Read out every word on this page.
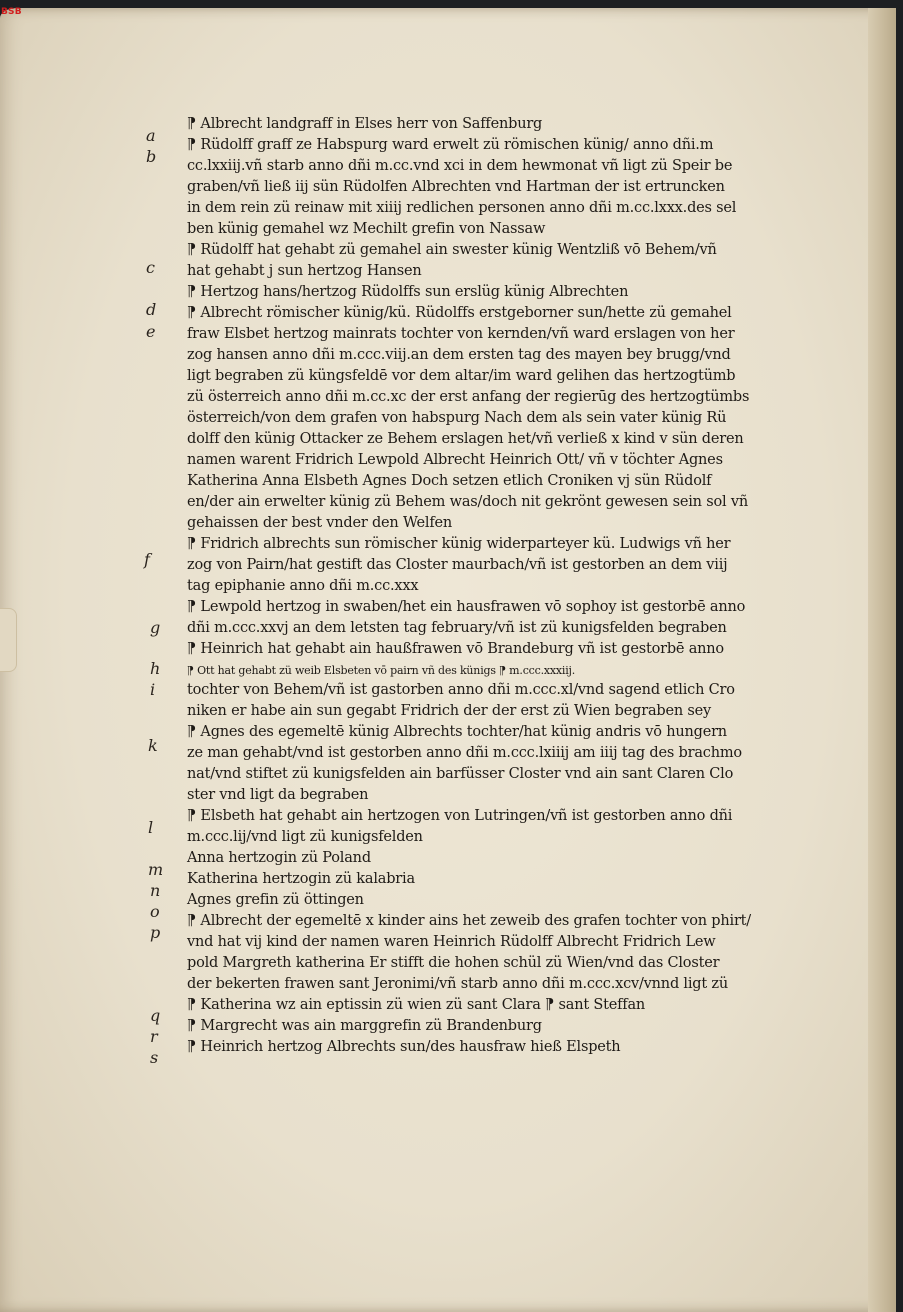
BSB
a
b
c
d
e
f
g
h
i
k
l
m
n
o
p
q
r
s
⁋ Albrecht landgraff in Elses herr von Saffenburg
⁋ Rüdolff graff ze Habspurg ward erwelt zü römischen künig/ anno dñi.m
cc.lxxiij.vñ starb anno dñi m.cc.vnd xci in dem hewmonat vñ ligt zü Speir be
graben/vñ ließ iij sün Rüdolfen Albrechten vnd Hartman der ist ertruncken
in dem rein zü reinaw mit xiiij redlichen personen anno dñi m.cc.lxxx.des sel
ben künig gemahel wz Mechilt grefin von Nassaw
⁋ Rüdolff hat gehabt zü gemahel ain swester künig Wentzliß vō Behem/vñ
hat gehabt j sun hertzog Hansen
⁋ Hertzog hans/hertzog Rüdolffs sun erslüg künig Albrechten
⁋ Albrecht römischer künig/kü. Rüdolffs erstgeborner sun/hette zü gemahel
fraw Elsbet hertzog mainrats tochter von kernden/vñ ward erslagen von her
zog hansen anno dñi m.ccc.viij.an dem ersten tag des mayen bey brugg/vnd
ligt begraben zü küngsfeldē vor dem altar/im ward gelihen das hertzogtümb
zü österreich anno dñi m.cc.xc der erst anfang der regierūg des hertzogtümbs
österreich/von dem grafen von habspurg Nach dem als sein vater künig Rü
dolff den künig Ottacker ze Behem erslagen het/vñ verließ x kind v sün deren
namen warent Fridrich Lewpold Albrecht Heinrich Ott/ vñ v töchter Agnes
Katherina Anna Elsbeth Agnes Doch setzen etlich Croniken vj sün Rüdolf
en/der ain erwelter künig zü Behem was/doch nit gekrönt gewesen sein sol vñ
gehaissen der best vnder den Welfen
⁋ Fridrich albrechts sun römischer künig widerparteyer kü. Ludwigs vñ her
zog von Pairn/hat gestift das Closter maurbach/vñ ist gestorben an dem viij
tag epiphanie anno dñi m.cc.xxx
⁋ Lewpold hertzog in swaben/het ein hausfrawen vō sophoy ist gestorbē anno
dñi m.ccc.xxvj an dem letsten tag february/vñ ist zü kunigsfelden begraben
⁋ Heinrich hat gehabt ain haußfrawen vō Brandeburg vñ ist gestorbē anno
⁋ Ott hat gehabt zü weib Elsbeten vō pairn vñ des künigs ⁋ m.ccc.xxxiij.
tochter von Behem/vñ ist gastorben anno dñi m.ccc.xl/vnd sagend etlich Cro
niken er habe ain sun gegabt Fridrich der der erst zü Wien begraben sey
⁋ Agnes des egemeltē künig Albrechts tochter/hat künig andris vō hungern
ze man gehabt/vnd ist gestorben anno dñi m.ccc.lxiiij am iiij tag des brachmo
nat/vnd stiftet zü kunigsfelden ain barfüsser Closter vnd ain sant Claren Clo
ster vnd ligt da begraben
⁋ Elsbeth hat gehabt ain hertzogen von Lutringen/vñ ist gestorben anno dñi
m.ccc.lij/vnd ligt zü kunigsfelden
Anna hertzogin zü Poland
Katherina hertzogin zü kalabria
Agnes grefin zü öttingen
⁋ Albrecht der egemeltē x kinder ains het zeweib des grafen tochter von phirt/
vnd hat vij kind der namen waren Heinrich Rüdolff Albrecht Fridrich Lew
pold Margreth katherina Er stifft die hohen schül zü Wien/vnd das Closter
der bekerten frawen sant Jeronimi/vñ starb anno dñi m.ccc.xcv/vnnd ligt zü
⁋ Katherina wz ain eptissin zü wien zü sant Clara ⁋ sant Steffan
⁋ Margrecht was ain marggrefin zü Brandenburg
⁋ Heinrich hertzog Albrechts sun/des hausfraw hieß Elspeth
